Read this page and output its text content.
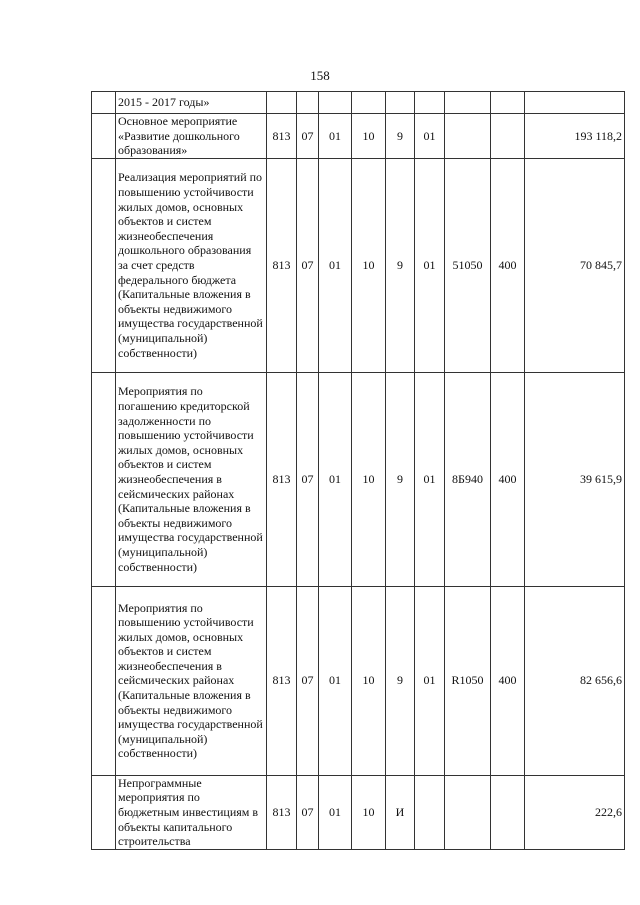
158
	2015 - 2017 годы»									
	Основное мероприятие «Развитие дошкольного образования»	813	07	01	10	9	01			193 118,2
	Реализация мероприятий по повышению устойчивости жилых домов, основных объектов и систем жизнеобеспечения дошкольного образования за счет средств федерального бюджета (Капитальные вложения в объекты недвижимого имущества государственной (муниципальной) собственности)	813	07	01	10	9	01	51050	400	70 845,7
	Мероприятия по погашению кредиторской задолженности по повышению устойчивости жилых домов, основных объектов и систем жизнеобеспечения в сейсмических районах (Капитальные вложения в объекты недвижимого имущества государственной (муниципальной) собственности)	813	07	01	10	9	01	8Б940	400	39 615,9
	Мероприятия по повышению устойчивости жилых домов, основных объектов и систем жизнеобеспечения в сейсмических районах (Капитальные вложения в объекты недвижимого имущества государственной (муниципальной) собственности)	813	07	01	10	9	01	R1050	400	82 656,6
	Непрограммные мероприятия по бюджетным инвестициям в объекты капитального строительства	813	07	01	10	И				222,6
